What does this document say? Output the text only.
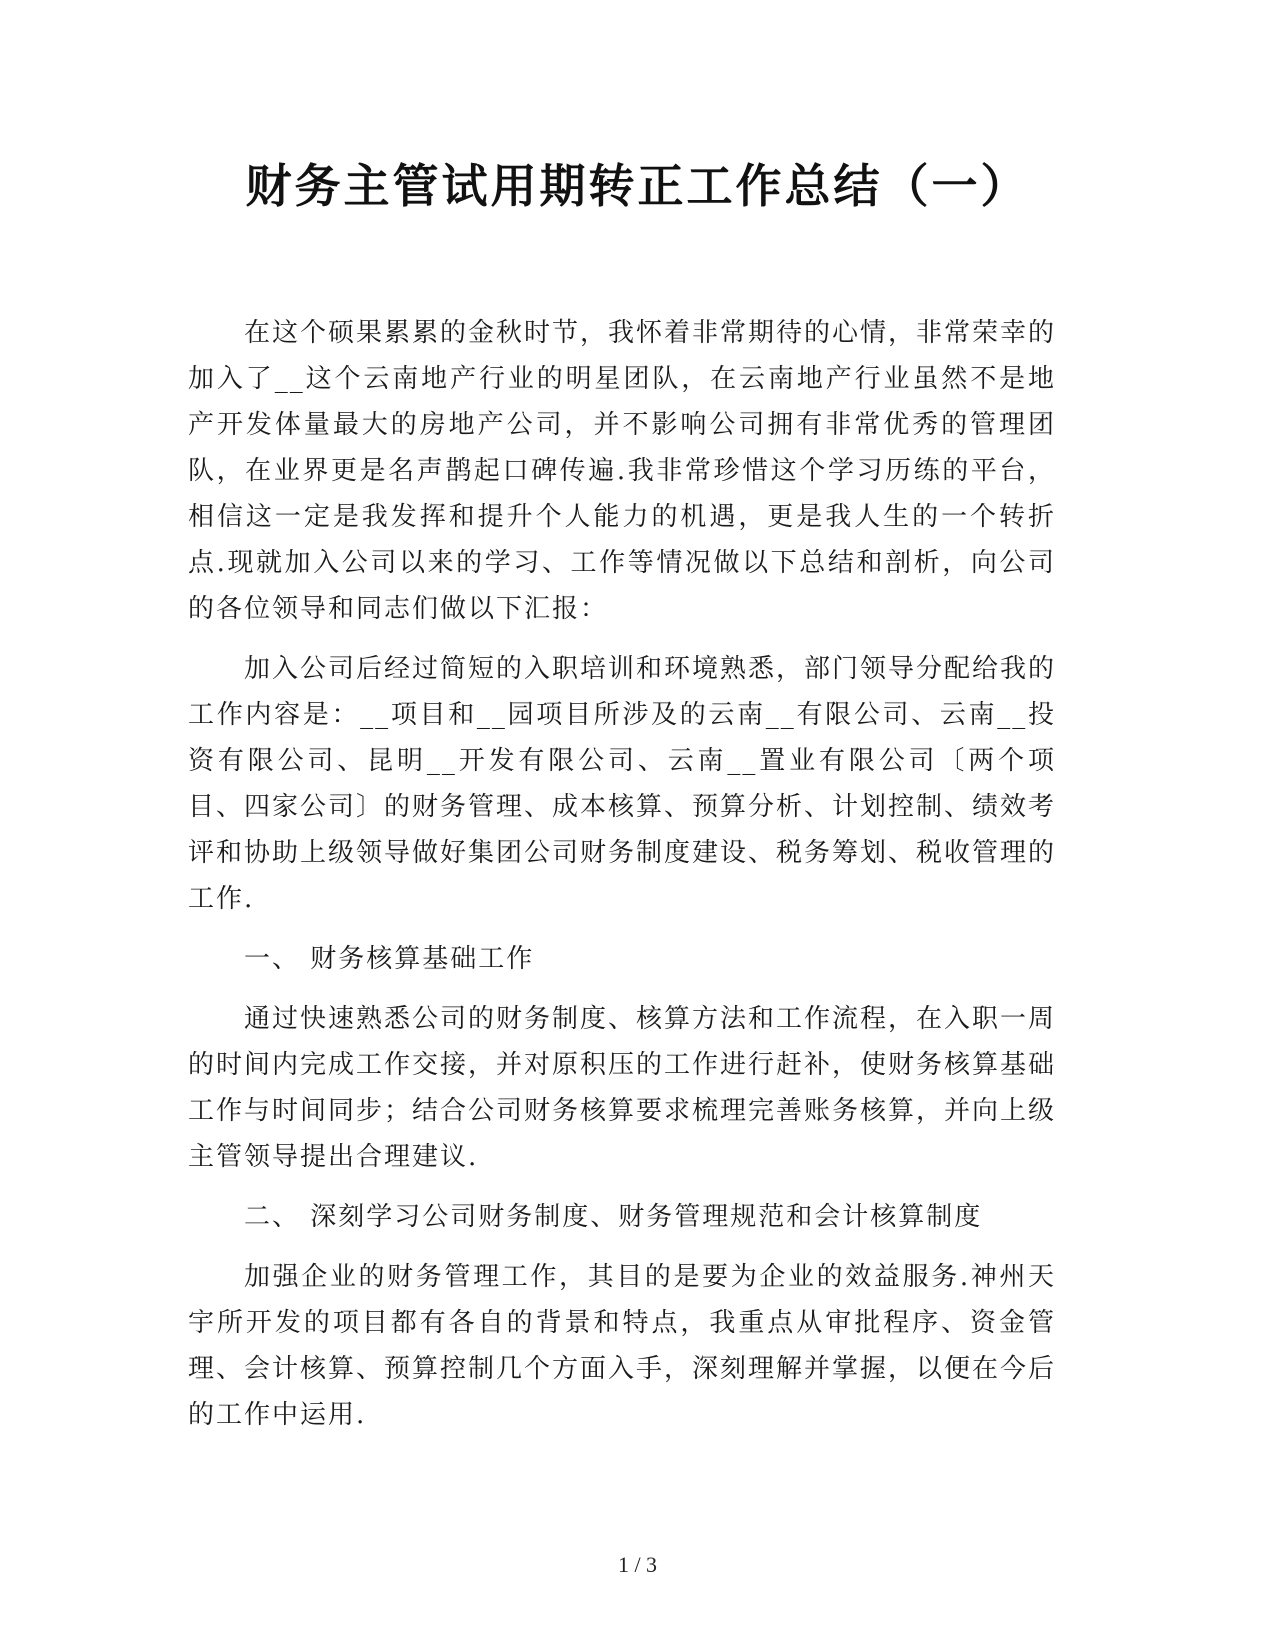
财务主管试用期转正工作总结（一）

在这个硕果累累的金秋时节，我怀着非常期待的心情，非常荣幸的加入了__这个云南地产行业的明星团队，在云南地产行业虽然不是地产开发体量最大的房地产公司，并不影响公司拥有非常优秀的管理团队，在业界更是名声鹊起口碑传遍.我非常珍惜这个学习历练的平台，相信这一定是我发挥和提升个人能力的机遇，更是我人生的一个转折点.现就加入公司以来的学习、工作等情况做以下总结和剖析，向公司的各位领导和同志们做以下汇报：

加入公司后经过简短的入职培训和环境熟悉，部门领导分配给我的工作内容是：__项目和__园项目所涉及的云南__有限公司、云南__投资有限公司、昆明__开发有限公司、云南__置业有限公司〔两个项目、四家公司〕的财务管理、成本核算、预算分析、计划控制、绩效考评和协助上级领导做好集团公司财务制度建设、税务筹划、税收管理的工作.

一、 财务核算基础工作

通过快速熟悉公司的财务制度、核算方法和工作流程，在入职一周的时间内完成工作交接，并对原积压的工作进行赶补，使财务核算基础工作与时间同步；结合公司财务核算要求梳理完善账务核算，并向上级主管领导提出合理建议.

二、 深刻学习公司财务制度、财务管理规范和会计核算制度

加强企业的财务管理工作，其目的是要为企业的效益服务.神州天宇所开发的项目都有各自的背景和特点，我重点从审批程序、资金管理、会计核算、预算控制几个方面入手，深刻理解并掌握，以便在今后的工作中运用.

1 / 3
